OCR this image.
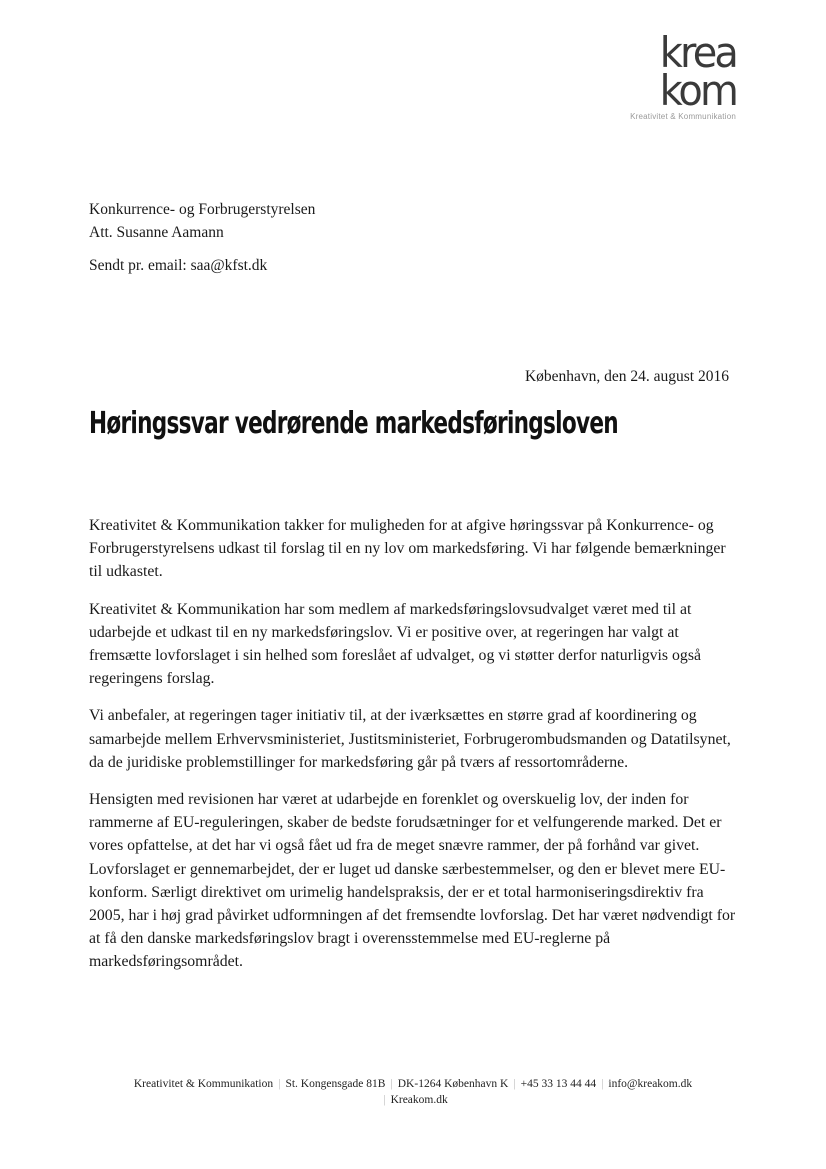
krea
kom
Kreativitet & Kommunikation
Konkurrence- og Forbrugerstyrelsen
Att. Susanne Aamann
Sendt pr. email: saa@kfst.dk
København, den 24. august 2016
Høringssvar vedrørende markedsføringsloven

Kreativitet & Kommunikation takker for muligheden for at afgive høringssvar på Konkurrence- og Forbrugerstyrelsens udkast til forslag til en ny lov om markedsføring. Vi har følgende bemærkninger til udkastet.

Kreativitet & Kommunikation har som medlem af markedsføringslovsudvalget været med til at udarbejde et udkast til en ny markedsføringslov. Vi er positive over, at regeringen har valgt at fremsætte lovforslaget i sin helhed som foreslået af udvalget, og vi støtter derfor naturligvis også regeringens forslag.

Vi anbefaler, at regeringen tager initiativ til, at der iværksættes en større grad af koordinering og samarbejde mellem Erhvervsministeriet, Justitsministeriet, Forbrugerombudsmanden og Datatilsynet, da de juridiske problemstillinger for markedsføring går på tværs af ressortområderne.

Hensigten med revisionen har været at udarbejde en forenklet og overskuelig lov, der inden for rammerne af EU-reguleringen, skaber de bedste forudsætninger for et velfungerende marked. Det er vores opfattelse, at det har vi også fået ud fra de meget snævre rammer, der på forhånd var givet. Lovforslaget er gennemarbejdet, der er luget ud danske særbestemmelser, og den er blevet mere EU-konform. Særligt direktivet om urimelig handelspraksis, der er et total harmoniseringsdirektiv fra 2005, har i høj grad påvirket udformningen af det fremsendte lovforslag. Det har været nødvendigt for at få den danske markedsføringslov bragt i overensstemmelse med EU-reglerne på markedsføringsområdet.

Kreativitet & Kommunikation | St. Kongensgade 81B | DK-1264 København K | +45 33 13 44 44 | info@kreakom.dk
| Kreakom.dk
